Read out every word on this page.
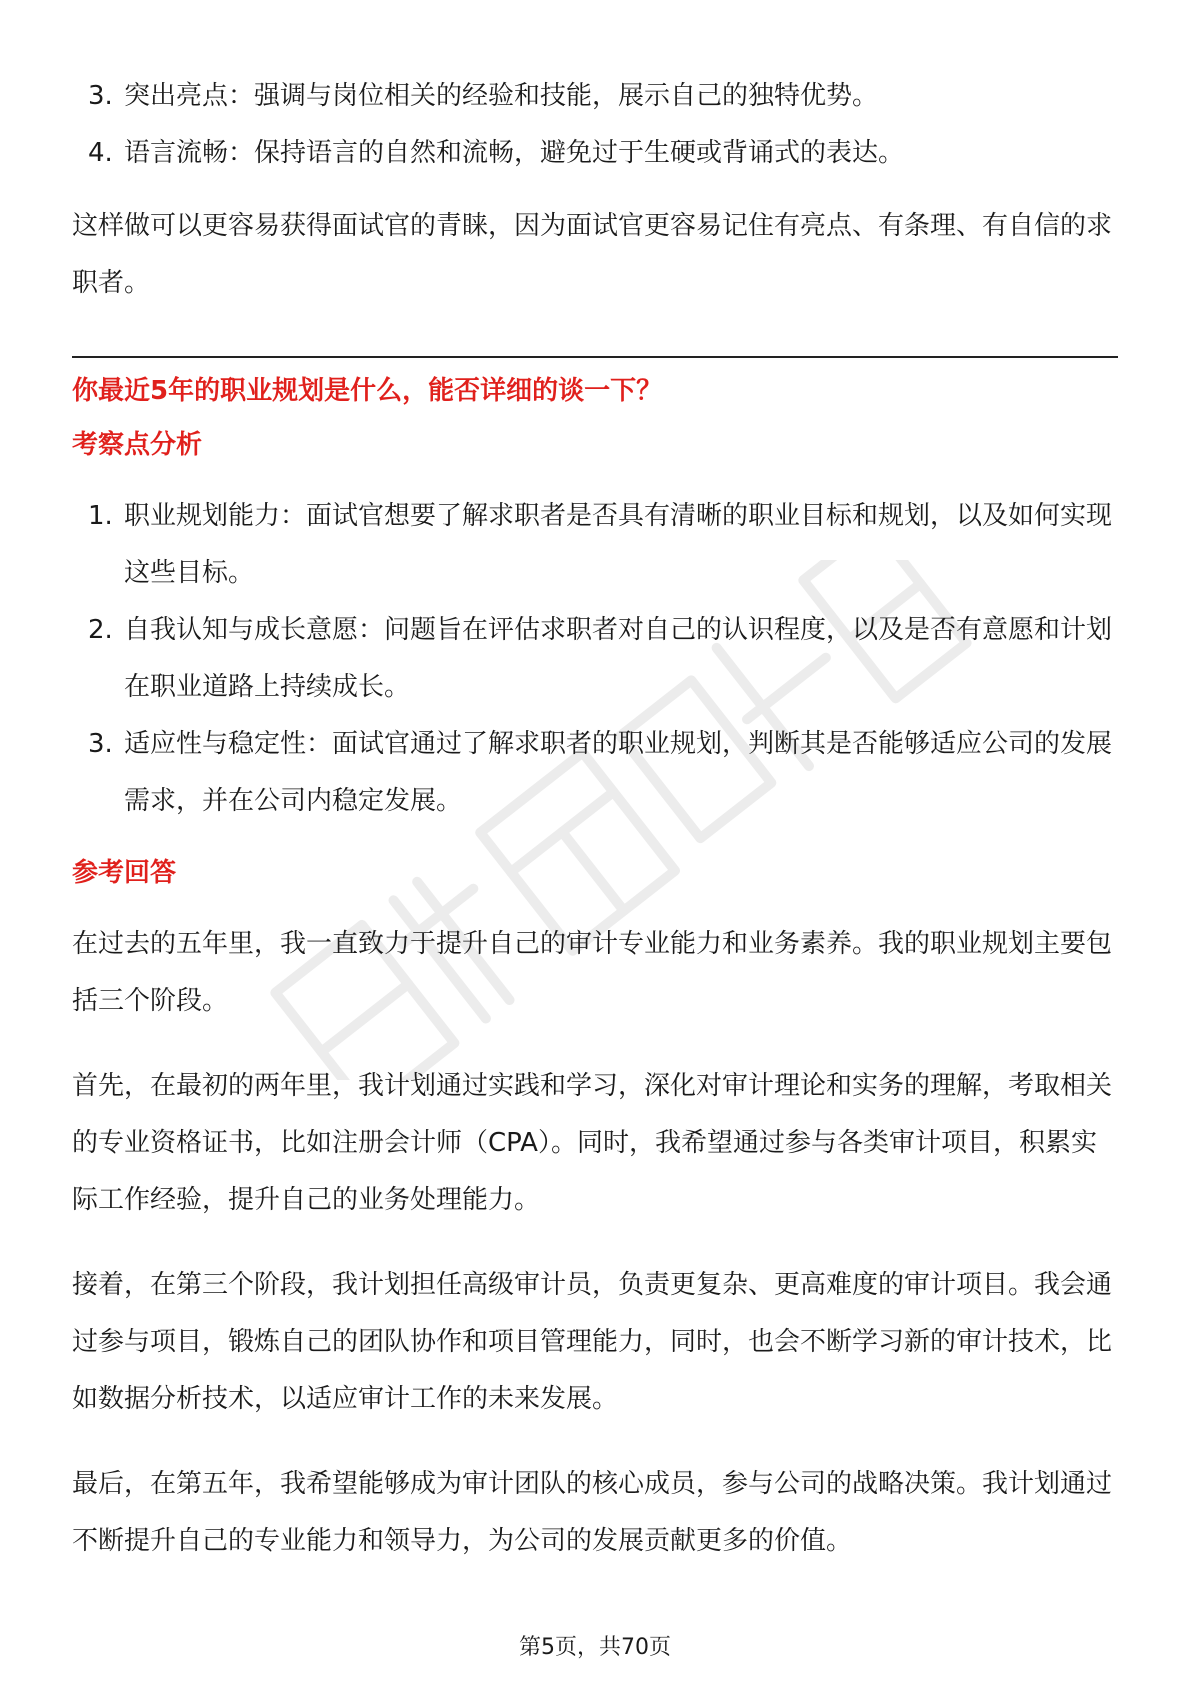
3. 突出亮点：强调与岗位相关的经验和技能，展示自己的独特优势。
4. 语言流畅：保持语言的自然和流畅，避免过于生硬或背诵式的表达。

这样做可以更容易获得面试官的青睐，因为面试官更容易记住有亮点、有条理、有自信的求职者。

你最近5年的职业规划是什么，能否详细的谈一下？

考察点分析

1. 职业规划能力：面试官想要了解求职者是否具有清晰的职业目标和规划，以及如何实现这些目标。
2. 自我认知与成长意愿：问题旨在评估求职者对自己的认识程度，以及是否有意愿和计划在职业道路上持续成长。
3. 适应性与稳定性：面试官通过了解求职者的职业规划，判断其是否能够适应公司的发展需求，并在公司内稳定发展。

参考回答

在过去的五年里，我一直致力于提升自己的审计专业能力和业务素养。我的职业规划主要包括三个阶段。

首先，在最初的两年里，我计划通过实践和学习，深化对审计理论和实务的理解，考取相关的专业资格证书，比如注册会计师（CPA）。同时，我希望通过参与各类审计项目，积累实际工作经验，提升自己的业务处理能力。

接着，在第三个阶段，我计划担任高级审计员，负责更复杂、更高难度的审计项目。我会通过参与项目，锻炼自己的团队协作和项目管理能力，同时，也会不断学习新的审计技术，比如数据分析技术，以适应审计工作的未来发展。

最后，在第五年，我希望能够成为审计团队的核心成员，参与公司的战略决策。我计划通过不断提升自己的专业能力和领导力，为公司的发展贡献更多的价值。

第5页，共70页
